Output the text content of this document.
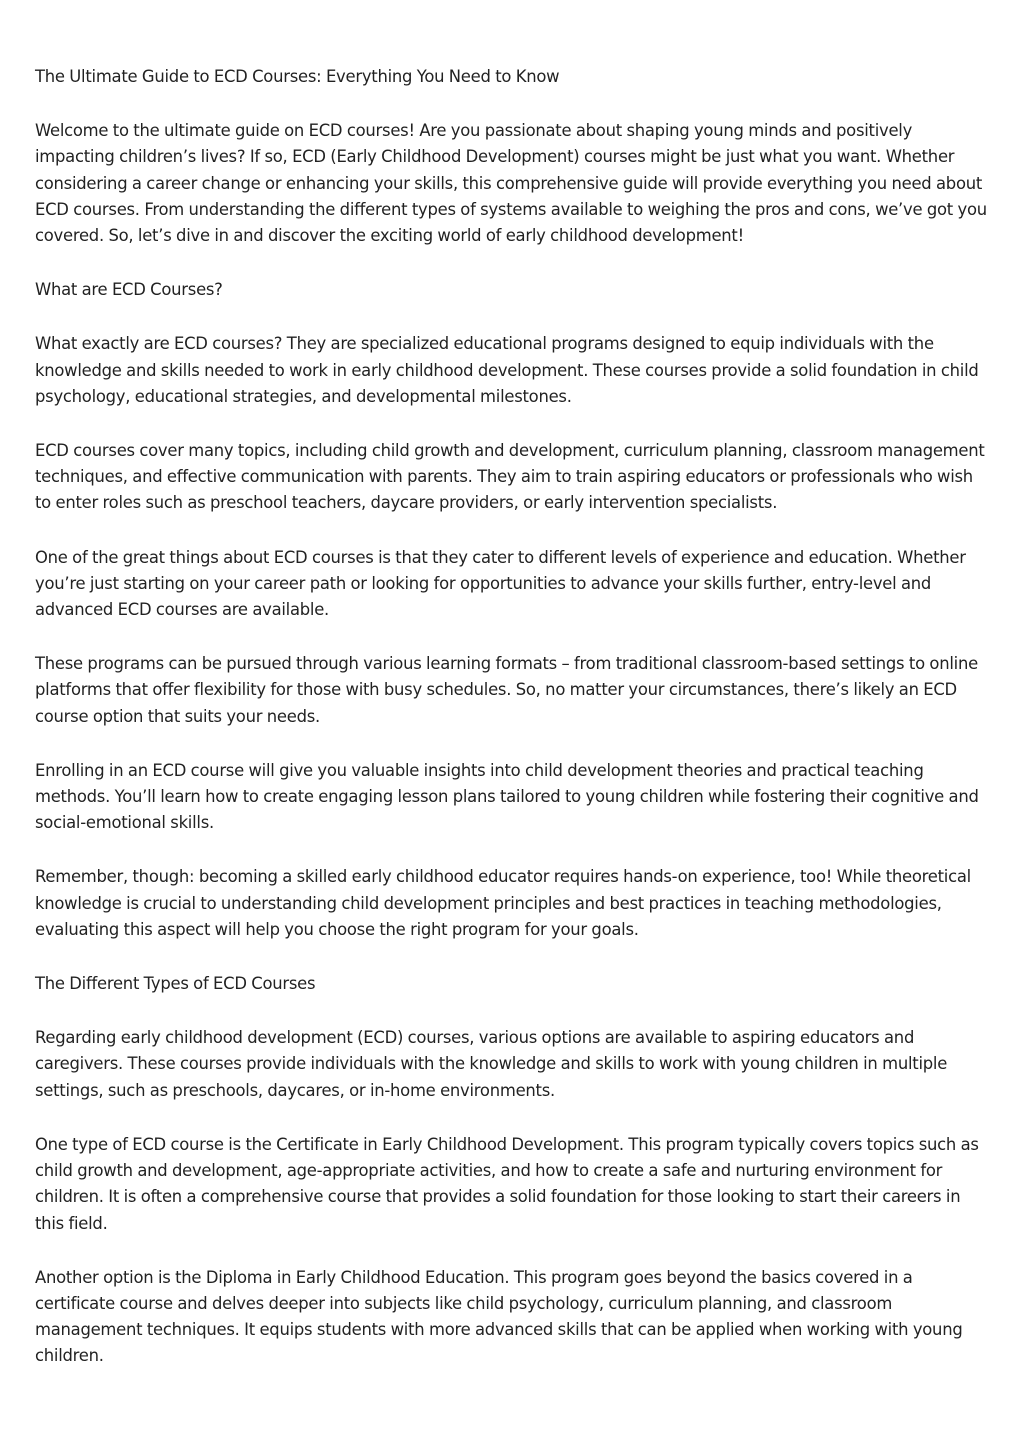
The Ultimate Guide to ECD Courses: Everything You Need to Know

Welcome to the ultimate guide on ECD courses! Are you passionate about shaping young minds and positively impacting children’s lives? If so, ECD (Early Childhood Development) courses might be just what you want. Whether considering a career change or enhancing your skills, this comprehensive guide will provide everything you need about ECD courses. From understanding the different types of systems available to weighing the pros and cons, we’ve got you covered. So, let’s dive in and discover the exciting world of early childhood development!

What are ECD Courses?

What exactly are ECD courses? They are specialized educational programs designed to equip individuals with the knowledge and skills needed to work in early childhood development. These courses provide a solid foundation in child psychology, educational strategies, and developmental milestones.

ECD courses cover many topics, including child growth and development, curriculum planning, classroom management techniques, and effective communication with parents. They aim to train aspiring educators or professionals who wish to enter roles such as preschool teachers, daycare providers, or early intervention specialists.

One of the great things about ECD courses is that they cater to different levels of experience and education. Whether you’re just starting on your career path or looking for opportunities to advance your skills further, entry-level and advanced ECD courses are available.

These programs can be pursued through various learning formats – from traditional classroom-based settings to online platforms that offer flexibility for those with busy schedules. So, no matter your circumstances, there’s likely an ECD course option that suits your needs.

Enrolling in an ECD course will give you valuable insights into child development theories and practical teaching methods. You’ll learn how to create engaging lesson plans tailored to young children while fostering their cognitive and social-emotional skills.

Remember, though: becoming a skilled early childhood educator requires hands-on experience, too! While theoretical knowledge is crucial to understanding child development principles and best practices in teaching methodologies, evaluating this aspect will help you choose the right program for your goals.

The Different Types of ECD Courses

Regarding early childhood development (ECD) courses, various options are available to aspiring educators and caregivers. These courses provide individuals with the knowledge and skills to work with young children in multiple settings, such as preschools, daycares, or in-home environments.

One type of ECD course is the Certificate in Early Childhood Development. This program typically covers topics such as child growth and development, age-appropriate activities, and how to create a safe and nurturing environment for children. It is often a comprehensive course that provides a solid foundation for those looking to start their careers in this field.

Another option is the Diploma in Early Childhood Education. This program goes beyond the basics covered in a certificate course and delves deeper into subjects like child psychology, curriculum planning, and classroom management techniques. It equips students with more advanced skills that can be applied when working with young children.
